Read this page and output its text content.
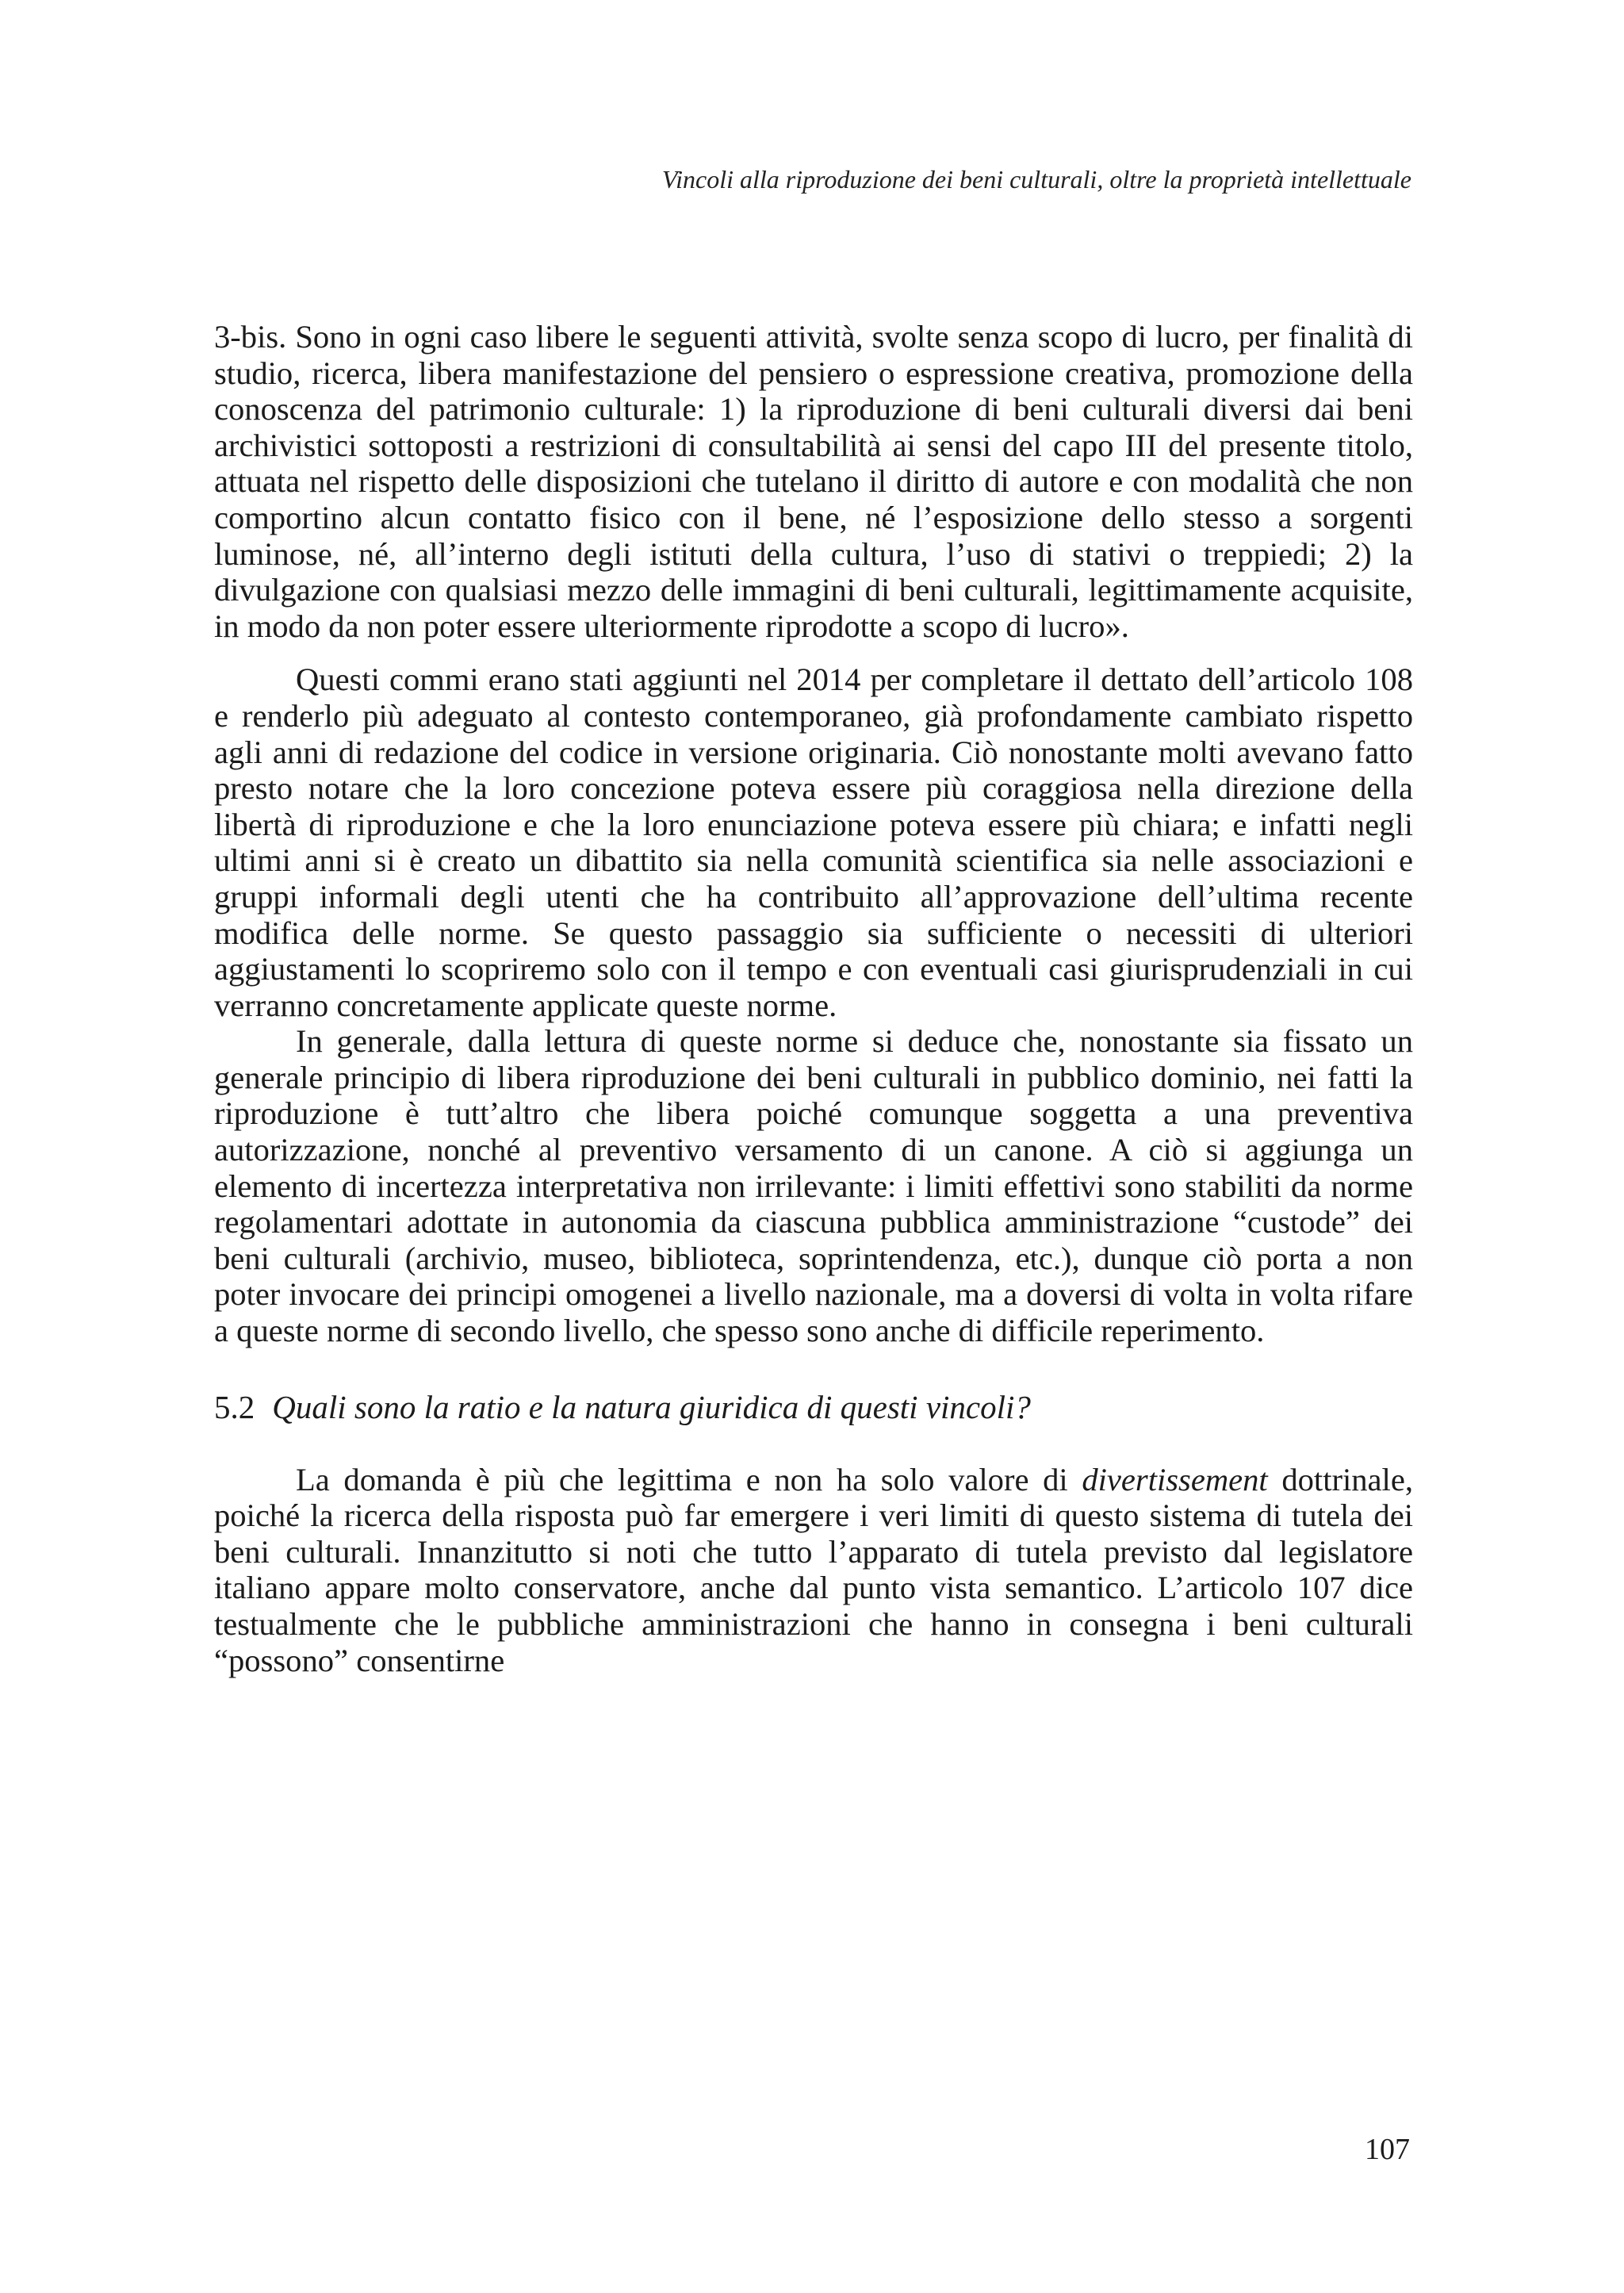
Vincoli alla riproduzione dei beni culturali, oltre la proprietà intellettuale

3-bis. Sono in ogni caso libere le seguenti attività, svolte senza scopo di lucro, per finalità di studio, ricerca, libera manifestazione del pensiero o espressione creativa, promozione della conoscenza del patrimonio culturale: 1) la riproduzione di beni culturali diversi dai beni archivistici sottoposti a restrizioni di consultabilità ai sensi del capo III del presente titolo, attuata nel rispetto delle disposizioni che tutelano il diritto di autore e con modalità che non comportino alcun contatto fisico con il bene, né l’esposizione dello stesso a sorgenti luminose, né, all’interno degli istituti della cultura, l’uso di stativi o treppiedi; 2) la divulgazione con qualsiasi mezzo delle immagini di beni culturali, legittimamente acquisite, in modo da non poter essere ulteriormente riprodotte a scopo di lucro».

Questi commi erano stati aggiunti nel 2014 per completare il dettato dell’articolo 108 e renderlo più adeguato al contesto contemporaneo, già profondamente cambiato rispetto agli anni di redazione del codice in versione originaria. Ciò nonostante molti avevano fatto presto notare che la loro concezione poteva essere più coraggiosa nella direzione della libertà di riproduzione e che la loro enunciazione poteva essere più chiara; e infatti negli ultimi anni si è creato un dibattito sia nella comunità scientifica sia nelle associazioni e gruppi informali degli utenti che ha contribuito all’approvazione dell’ultima recente modifica delle norme. Se questo passaggio sia sufficiente o necessiti di ulteriori aggiustamenti lo scopriremo solo con il tempo e con eventuali casi giurisprudenziali in cui verranno concretamente applicate queste norme.

In generale, dalla lettura di queste norme si deduce che, nonostante sia fissato un generale principio di libera riproduzione dei beni culturali in pubblico dominio, nei fatti la riproduzione è tutt’altro che libera poiché comunque soggetta a una preventiva autorizzazione, nonché al preventivo versamento di un canone. A ciò si aggiunga un elemento di incertezza interpretativa non irrilevante: i limiti effettivi sono stabiliti da norme regolamentari adottate in autonomia da ciascuna pubblica amministrazione “custode” dei beni culturali (archivio, museo, biblioteca, soprintendenza, etc.), dunque ciò porta a non poter invocare dei principi omogenei a livello nazionale, ma a doversi di volta in volta rifare a queste norme di secondo livello, che spesso sono anche di difficile reperimento.

5.2 Quali sono la ratio e la natura giuridica di questi vincoli?

La domanda è più che legittima e non ha solo valore di divertissement dottrinale, poiché la ricerca della risposta può far emergere i veri limiti di questo sistema di tutela dei beni culturali. Innanzitutto si noti che tutto l’apparato di tutela previsto dal legislatore italiano appare molto conservatore, anche dal punto vista semantico. L’articolo 107 dice testualmente che le pubbliche amministrazioni che hanno in consegna i beni culturali “possono” consentirne

107
